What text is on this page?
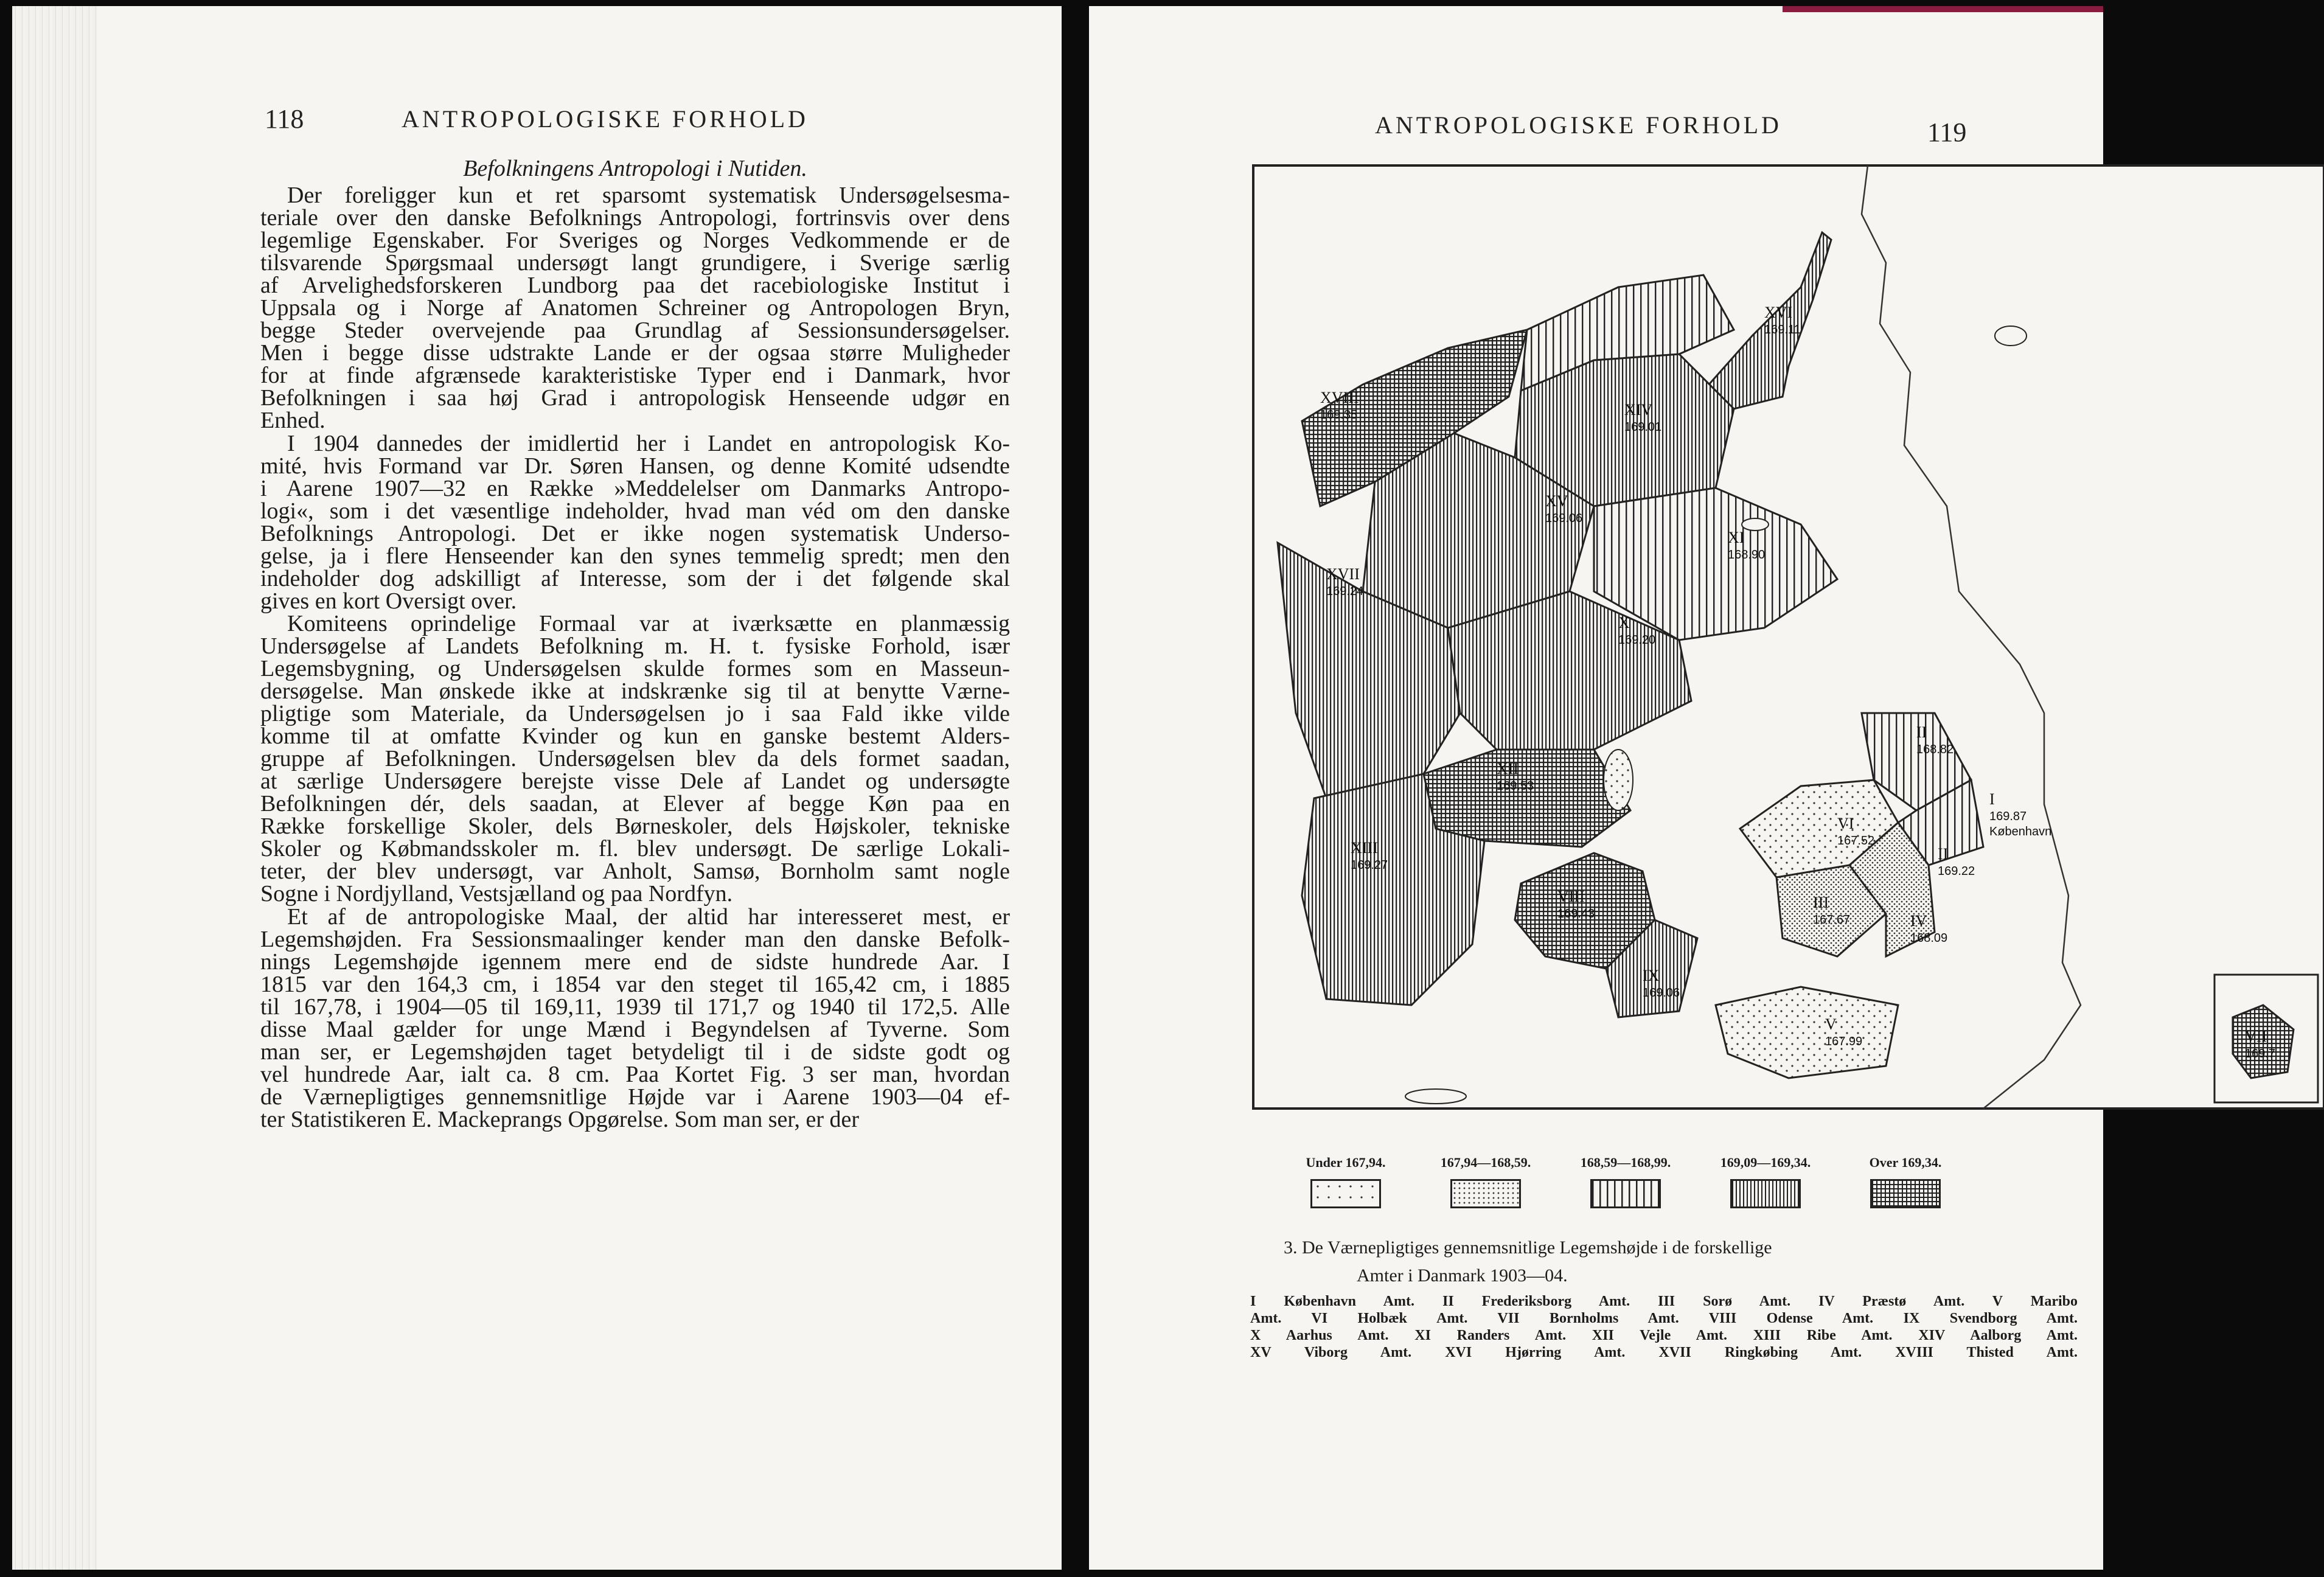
118	ANTROPOLOGISKE FORHOLD
Befolkningens Antropologi i Nutiden.

Der foreligger kun et ret sparsomt systematisk Undersøgelsesma-
teriale over den danske Befolknings Antropologi, fortrinsvis over dens
legemlige Egenskaber. For Sveriges og Norges Vedkommende er de
tilsvarende Spørgsmaal undersøgt langt grundigere, i Sverige særlig
af Arvelighedsforskeren Lundborg paa det racebiologiske Institut i
Uppsala og i Norge af Anatomen Schreiner og Antropologen Bryn,
begge Steder overvejende paa Grundlag af Sessionsundersøgelser.
Men i begge disse udstrakte Lande er der ogsaa større Muligheder
for at finde afgrænsede karakteristiske Typer end i Danmark, hvor
Befolkningen i saa høj Grad i antropologisk Henseende udgør en
Enhed.

I 1904 dannedes der imidlertid her i Landet en antropologisk Ko-
mité, hvis Formand var Dr. Søren Hansen, og denne Komité udsendte
i Aarene 1907—32 en Række »Meddelelser om Danmarks Antropo-
logi«, som i det væsentlige indeholder, hvad man véd om den danske
Befolknings Antropologi. Det er ikke nogen systematisk Underso-
gelse, ja i flere Henseender kan den synes temmelig spredt; men den
indeholder dog adskilligt af Interesse, som der i det følgende skal
gives en kort Oversigt over.

Komiteens oprindelige Formaal var at iværksætte en planmæssig
Undersøgelse af Landets Befolkning m. H. t. fysiske Forhold, især
Legemsbygning, og Undersøgelsen skulde formes som en Masseun-
dersøgelse. Man ønskede ikke at indskrænke sig til at benytte Værne-
pligtige som Materiale, da Undersøgelsen jo i saa Fald ikke vilde
komme til at omfatte Kvinder og kun en ganske bestemt Alders-
gruppe af Befolkningen. Undersøgelsen blev da dels formet saadan,
at særlige Undersøgere berejste visse Dele af Landet og undersøgte
Befolkningen dér, dels saadan, at Elever af begge Køn paa en
Række forskellige Skoler, dels Børneskoler, dels Højskoler, tekniske
Skoler og Købmandsskoler m. fl. blev undersøgt. De særlige Lokali-
teter, der blev undersøgt, var Anholt, Samsø, Bornholm samt nogle
Sogne i Nordjylland, Vestsjælland og paa Nordfyn.

Et af de antropologiske Maal, der altid har interesseret mest, er
Legemshøjden. Fra Sessionsmaalinger kender man den danske Befolk-
nings Legemshøjde igennem mere end de sidste hundrede Aar. I
1815 var den 164,3 cm, i 1854 var den steget til 165,42 cm, i 1885
til 167,78, i 1904—05 til 169,11, 1939 til 171,7 og 1940 til 172,5. Alle
disse Maal gælder for unge Mænd i Begyndelsen af Tyverne. Som
man ser, er Legemshøjden taget betydeligt til i de sidste godt og
vel hundrede Aar, ialt ca. 8 cm. Paa Kortet Fig. 3 ser man, hvordan
de Værnepligtiges gennemsnitlige Højde var i Aarene 1903—04 ef-
ter Statistikeren E. Mackeprangs Opgørelse. Som man ser, er der

ANTROPOLOGISKE FORHOLD	119
XVI
169.11
XVIII
169.35	XIV
169.01
XV
169.06
XI
168.90
XVII
169.24
X
169.20
XII
169.53
XIII
169.27
VIII
169.43
IX
169.06
II
168.82
I
169.87
København
VI
167.52
II
169.22
III
167.67	IV
168.09
V
167.99	VII
169.7
Under 167,94.	167,94—168,59.	168,59—168,99.	169,09—169,34.	Over 169,34.
3. De Værnepligtiges gennemsnitlige Legemshøjde i de forskellige
Amter i Danmark 1903—04.
I København Amt. II Frederiksborg Amt. III Sorø Amt. IV Præstø Amt. V Maribo
Amt. VI Holbæk Amt. VII Bornholms Amt. VIII Odense Amt. IX Svendborg Amt.
X Aarhus Amt. XI Randers Amt. XII Vejle Amt. XIII Ribe Amt. XIV Aalborg Amt.
XV Viborg Amt. XVI Hjørring Amt. XVII Ringkøbing Amt. XVIII Thisted Amt.
